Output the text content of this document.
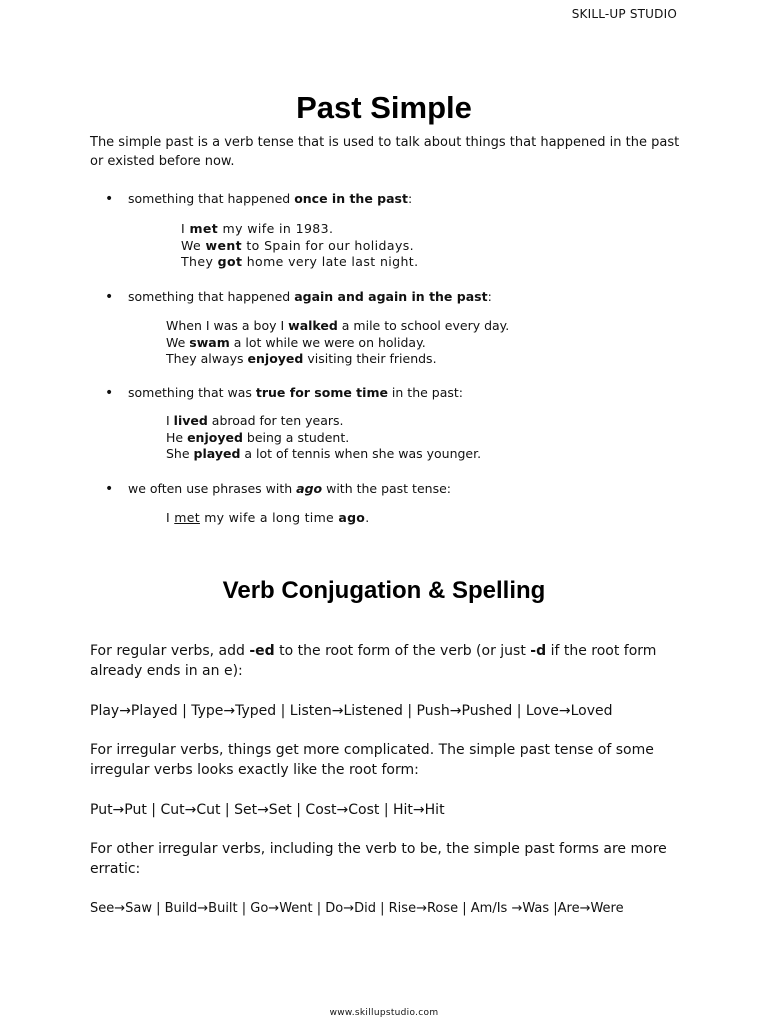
SKILL-UP STUDIO
Past Simple

The simple past is a verb tense that is used to talk about things that happened in the past or existed before now.

• something that happened once in the past:
I met my wife in 1983.
We went to Spain for our holidays.
They got home very late last night.
• something that happened again and again in the past:
When I was a boy I walked a mile to school every day.
We swam a lot while we were on holiday.
They always enjoyed visiting their friends.
• something that was true for some time in the past:
I lived abroad for ten years.
He enjoyed being a student.
She played a lot of tennis when she was younger.
• we often use phrases with ago with the past tense:
I met my wife a long time ago.
Verb Conjugation & Spelling

For regular verbs, add -ed to the root form of the verb (or just -d if the root form already ends in an e):

Play→Played | Type→Typed | Listen→Listened | Push→Pushed | Love→Loved

For irregular verbs, things get more complicated. The simple past tense of some irregular verbs looks exactly like the root form:

Put→Put | Cut→Cut | Set→Set | Cost→Cost | Hit→Hit

For other irregular verbs, including the verb to be, the simple past forms are more erratic:

See→Saw | Build→Built | Go→Went | Do→Did | Rise→Rose | Am/Is →Was |Are→Were

www.skillupstudio.com
